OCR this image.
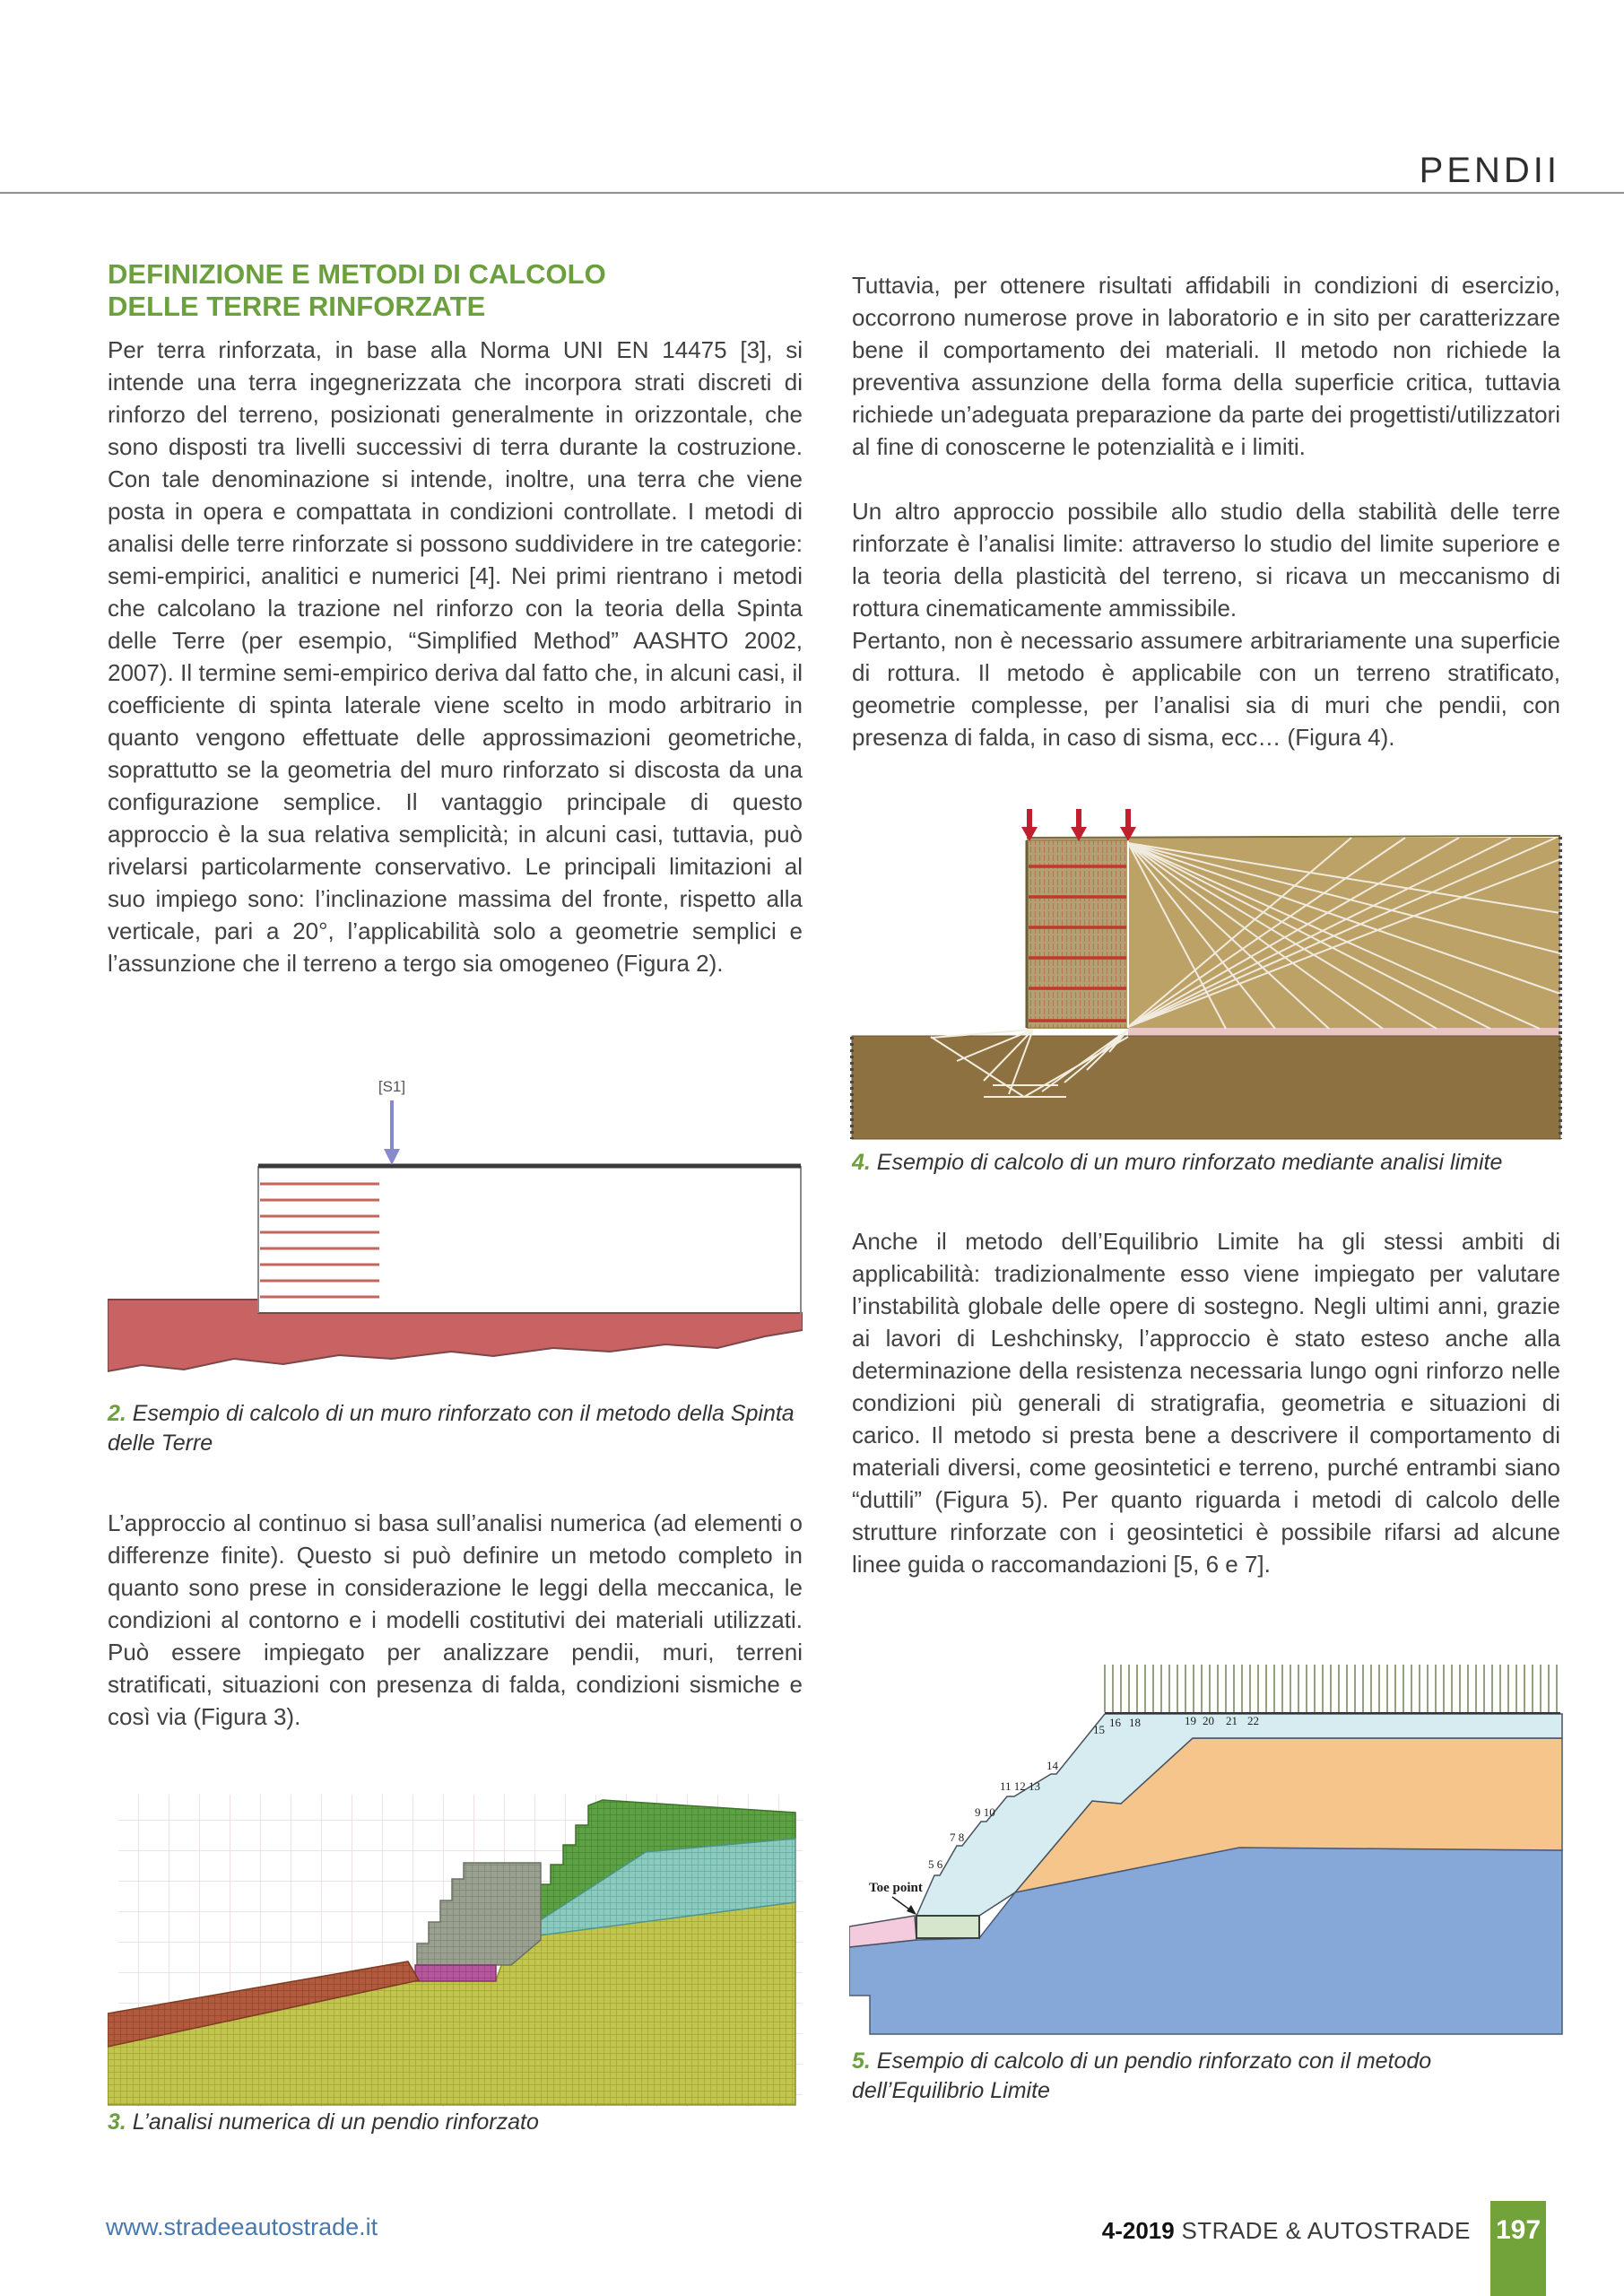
PENDII
DEFINIZIONE E METODI DI CALCOLO
DELLE TERRE RINFORZATE

Per terra rinforzata, in base alla Norma UNI EN 14475 [3], si intende una terra ingegnerizzata che incorpora strati discreti di rinforzo del terreno, posizionati generalmente in orizzontale, che sono disposti tra livelli successivi di terra durante la costruzione. Con tale denominazione si intende, inoltre, una terra che viene posta in opera e compattata in condizioni controllate. I metodi di analisi delle terre rinforzate si possono suddividere in tre categorie: semi-empirici, analitici e numerici [4]. Nei primi rientrano i metodi che calcolano la trazione nel rinforzo con la teoria della Spinta delle Terre (per esempio, “Simplified Method” AASHTO 2002, 2007). Il termine semi-empirico deriva dal fatto che, in alcuni casi, il coefficiente di spinta laterale viene scelto in modo arbitrario in quanto vengono effettuate delle approssimazioni geometriche, soprattutto se la geometria del muro rinforzato si discosta da una configurazione semplice. Il vantaggio principale di questo approccio è la sua relativa semplicità; in alcuni casi, tuttavia, può rivelarsi particolarmente conservativo. Le principali limitazioni al suo impiego sono: l’inclinazione massima del fronte, rispetto alla verticale, pari a 20°, l’applicabilità solo a geometrie semplici e l’assunzione che il terreno a tergo sia omogeneo (Figura 2).

L’approccio al continuo si basa sull’analisi numerica (ad elementi o differenze finite). Questo si può definire un metodo completo in quanto sono prese in considerazione le leggi della meccanica, le condizioni al contorno e i modelli costitutivi dei materiali utilizzati. Può essere impiegato per analizzare pendii, muri, terreni stratificati, situazioni con presenza di falda, condizioni sismiche e così via (Figura 3).

Tuttavia, per ottenere risultati affidabili in condizioni di esercizio, occorrono numerose prove in laboratorio e in sito per caratterizzare bene il comportamento dei materiali. Il metodo non richiede la preventiva assunzione della forma della superficie critica, tuttavia richiede un’adeguata preparazione da parte dei progettisti/utilizzatori al fine di conoscerne le potenzialità e i limiti.

Un altro approccio possibile allo studio della stabilità delle terre rinforzate è l’analisi limite: attraverso lo studio del limite superiore e la teoria della plasticità del terreno, si ricava un meccanismo di rottura cinematicamente ammissibile.

Pertanto, non è necessario assumere arbitrariamente una superficie di rottura. Il metodo è applicabile con un terreno stratificato, geometrie complesse, per l’analisi sia di muri che pendii, con presenza di falda, in caso di sisma, ecc… (Figura 4).

Anche il metodo dell’Equilibrio Limite ha gli stessi ambiti di applicabilità: tradizionalmente esso viene impiegato per valutare l’instabilità globale delle opere di sostegno. Negli ultimi anni, grazie ai lavori di Leshchinsky, l’approccio è stato esteso anche alla determinazione della resistenza necessaria lungo ogni rinforzo nelle condizioni più generali di stratigrafia, geometria e situazioni di carico. Il metodo si presta bene a descrivere il comportamento di materiali diversi, come geosintetici e terreno, purché entrambi siano “duttili” (Figura 5). Per quanto riguarda i metodi di calcolo delle strutture rinforzate con i geosintetici è possibile rifarsi ad alcune linee guida o raccomandazioni [5, 6 e 7].

[S1]
2. Esempio di calcolo di un muro rinforzato con il metodo della Spinta delle Terre
3. L’analisi numerica di un pendio rinforzato
4. Esempio di calcolo di un muro rinforzato mediante analisi limite
5 6
7 8
9 10
11 12 13
14
15
16 18	19 20 21 22
Toe point
5. Esempio di calcolo di un pendio rinforzato con il metodo dell’Equilibrio Limite
www.stradeeautostrade.it	4-2019 STRADE & AUTOSTRADE 197
